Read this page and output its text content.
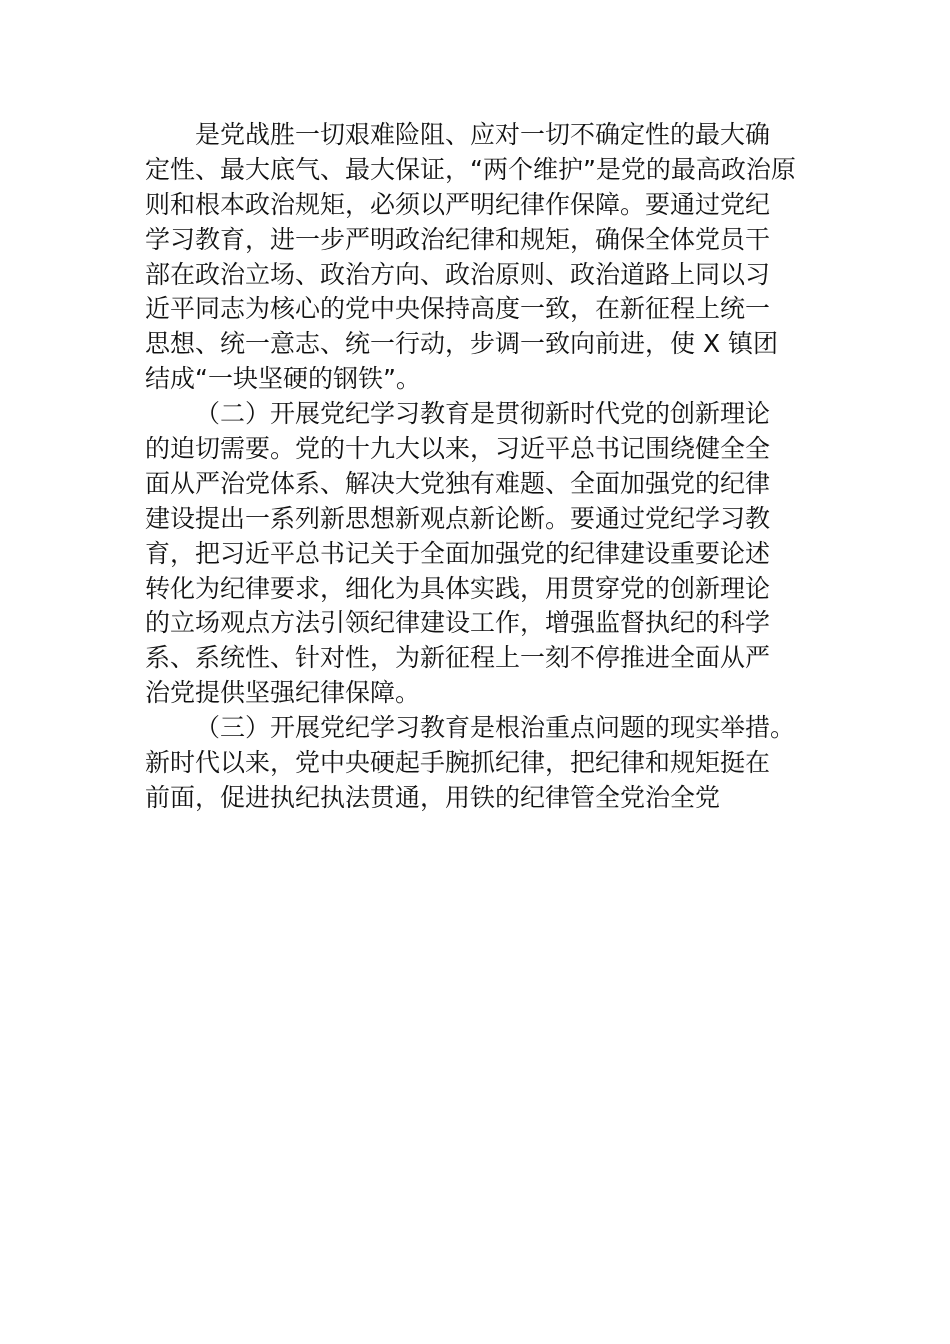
是党战胜一切艰难险阻、应对一切不确定性的最大确
定性、最大底气、最大保证，“两个维护”是党的最高政治原
则和根本政治规矩，必须以严明纪律作保障。要通过党纪
学习教育，进一步严明政治纪律和规矩，确保全体党员干
部在政治立场、政治方向、政治原则、政治道路上同以习
近平同志为核心的党中央保持高度一致，在新征程上统一
思想、统一意志、统一行动，步调一致向前进，使 X 镇团
结成“一块坚硬的钢铁”。
（二）开展党纪学习教育是贯彻新时代党的创新理论
的迫切需要。党的十九大以来，习近平总书记围绕健全全
面从严治党体系、解决大党独有难题、全面加强党的纪律
建设提出一系列新思想新观点新论断。要通过党纪学习教
育，把习近平总书记关于全面加强党的纪律建设重要论述
转化为纪律要求，细化为具体实践，用贯穿党的创新理论
的立场观点方法引领纪律建设工作，增强监督执纪的科学
系、系统性、针对性，为新征程上一刻不停推进全面从严
治党提供坚强纪律保障。
（三）开展党纪学习教育是根治重点问题的现实举措。
新时代以来，党中央硬起手腕抓纪律，把纪律和规矩挺在
前面，促进执纪执法贯通，用铁的纪律管全党治全党
